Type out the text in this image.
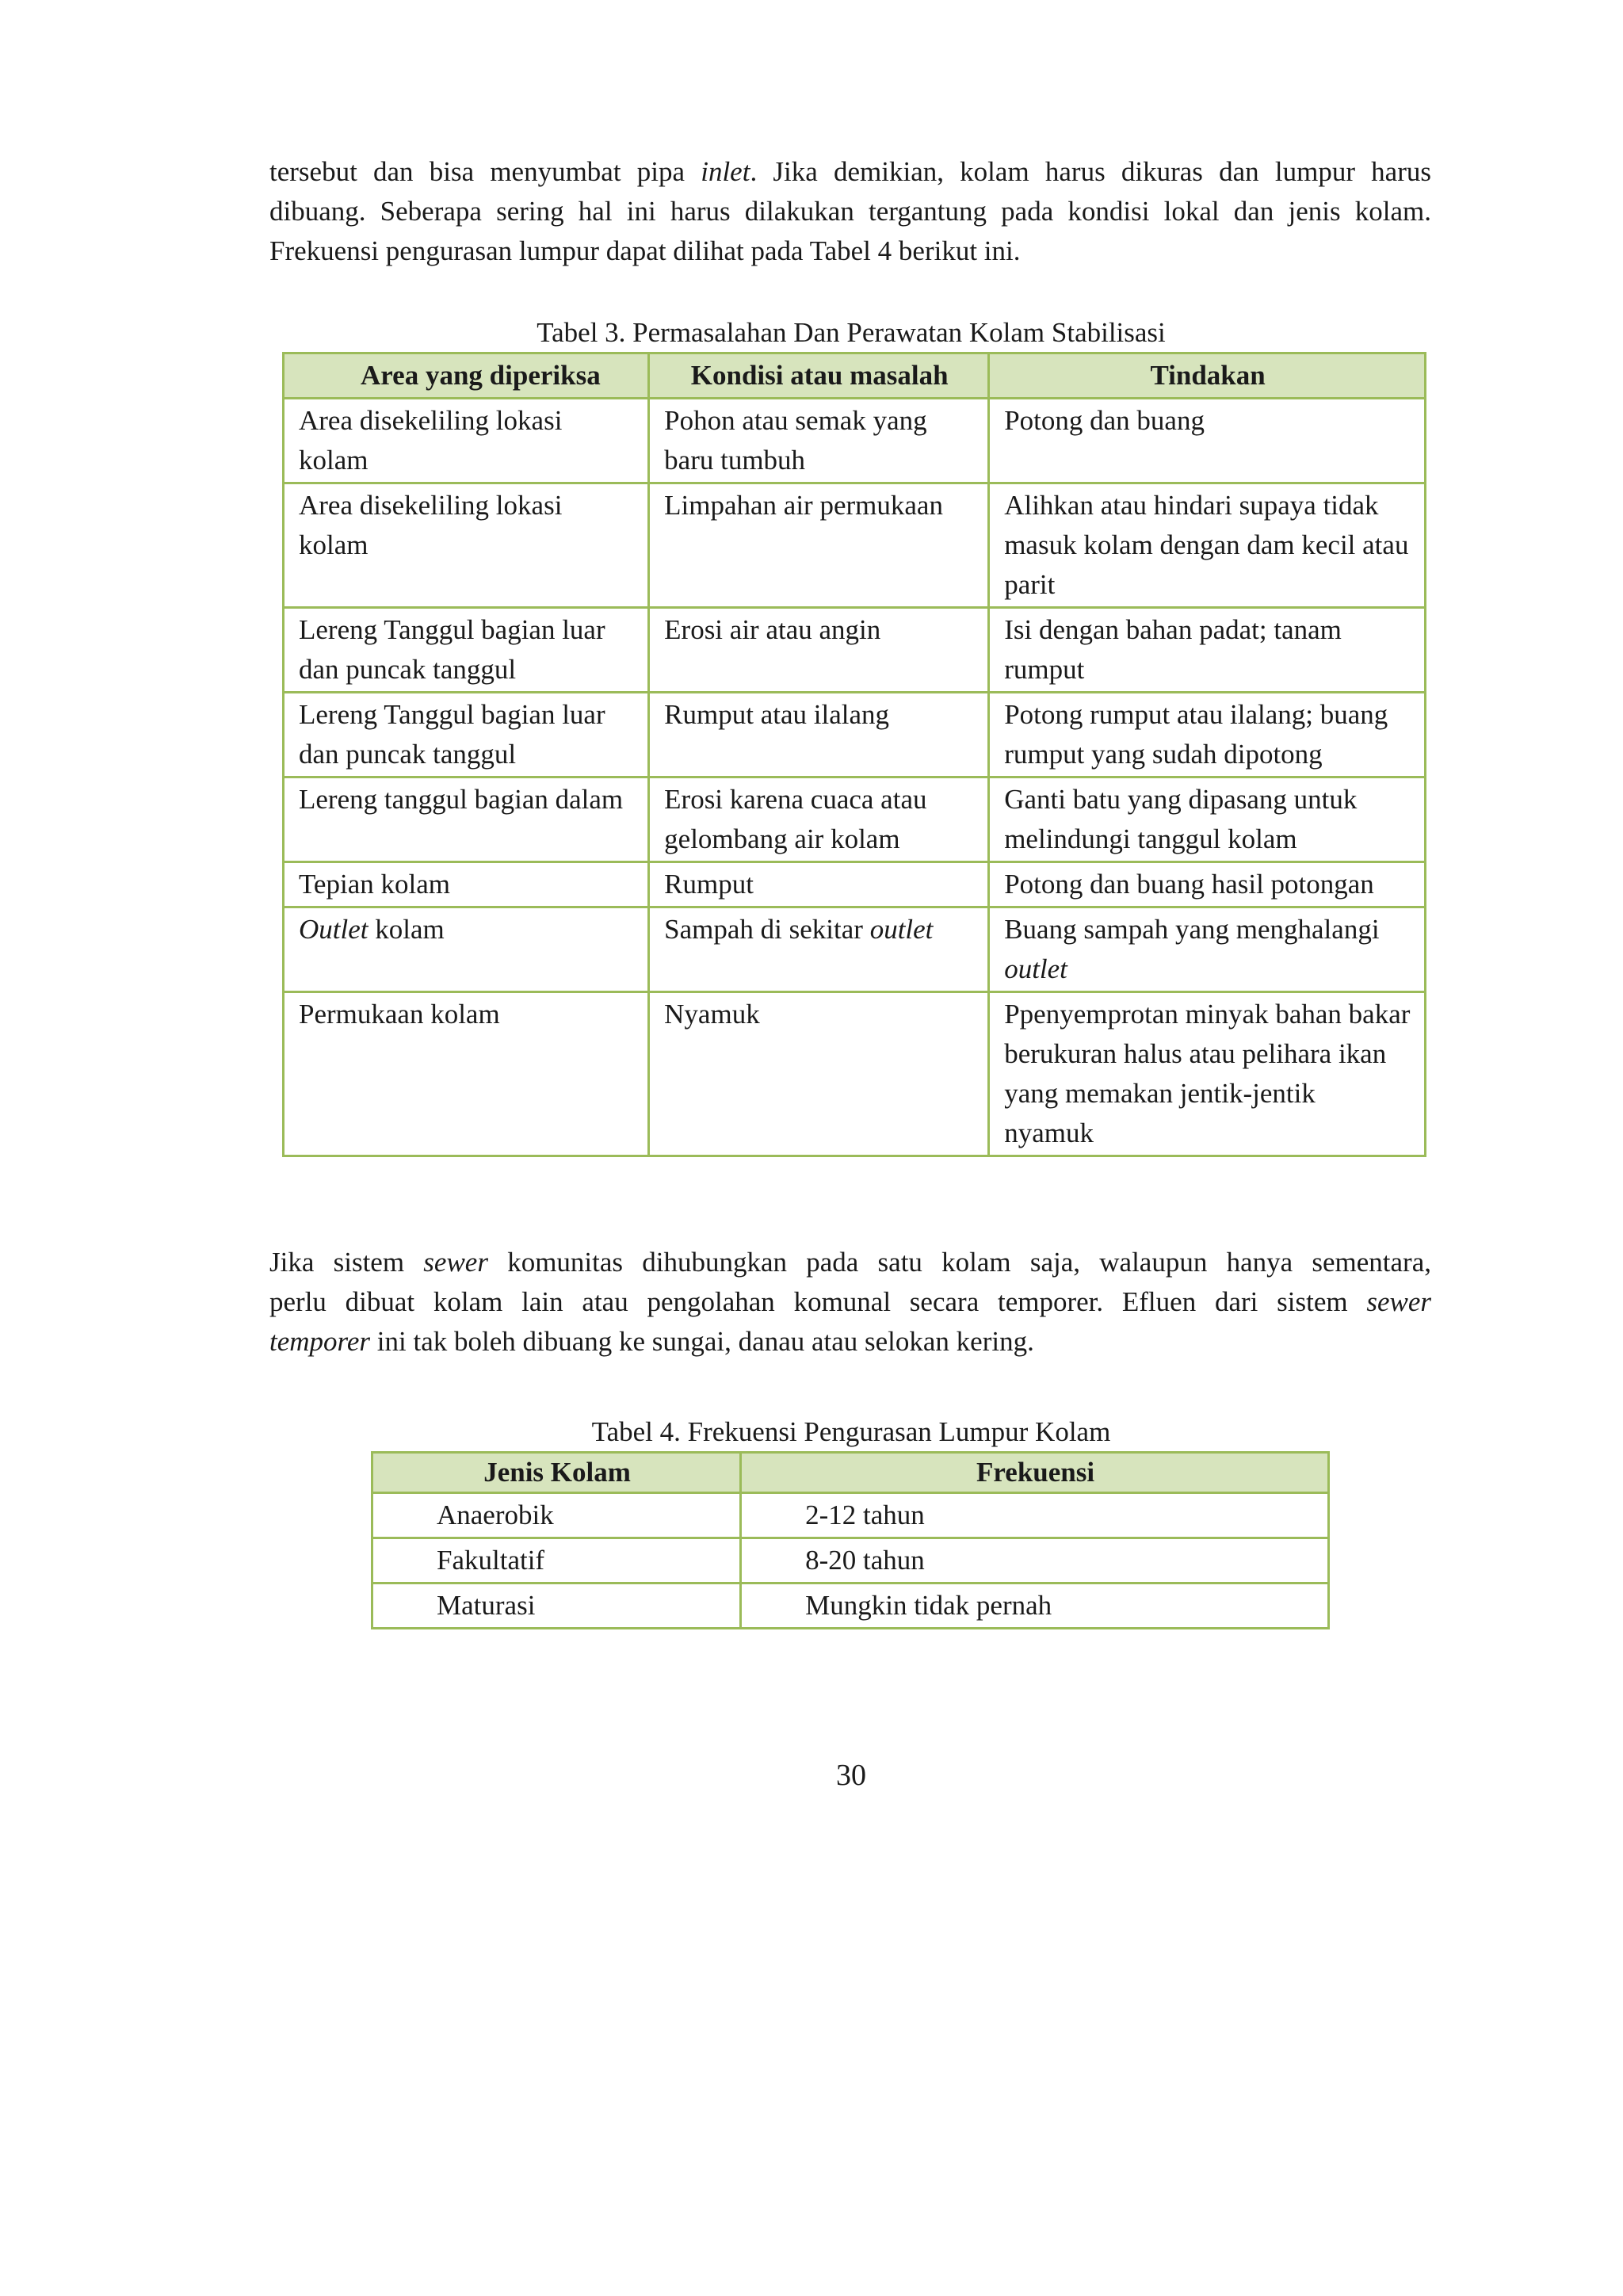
tersebut dan bisa menyumbat pipa inlet. Jika demikian, kolam harus dikuras dan lumpur harus
dibuang. Seberapa sering hal ini harus dilakukan tergantung pada kondisi lokal dan jenis kolam.
Frekuensi pengurasan lumpur dapat dilihat pada Tabel 4 berikut ini.

Tabel 3. Permasalahan Dan Perawatan Kolam Stabilisasi

Area yang diperiksa	Kondisi atau masalah	Tindakan
Area disekeliling lokasi kolam	Pohon atau semak yang baru tumbuh	Potong dan buang
Area disekeliling lokasi kolam	Limpahan air permukaan	Alihkan atau hindari supaya tidak masuk kolam dengan dam kecil atau parit
Lereng Tanggul bagian luar dan puncak tanggul	Erosi air atau angin	Isi dengan bahan padat; tanam rumput
Lereng Tanggul bagian luar dan puncak tanggul	Rumput atau ilalang	Potong rumput atau ilalang; buang rumput yang sudah dipotong
Lereng tanggul bagian dalam	Erosi karena cuaca atau gelombang air kolam	Ganti batu yang dipasang untuk melindungi tanggul kolam
Tepian kolam	Rumput	Potong dan buang hasil potongan
Outlet kolam	Sampah di sekitar outlet	Buang sampah yang menghalangi outlet
Permukaan kolam	Nyamuk	Ppenyemprotan minyak bahan bakar berukuran halus atau pelihara ikan yang memakan jentik-jentik nyamuk

Jika sistem sewer komunitas dihubungkan pada satu kolam saja, walaupun hanya sementara,
perlu dibuat kolam lain atau pengolahan komunal secara temporer. Efluen dari sistem sewer
temporer ini tak boleh dibuang ke sungai, danau atau selokan kering.

Tabel 4. Frekuensi Pengurasan Lumpur Kolam

Jenis Kolam	Frekuensi
Anaerobik	2-12 tahun
Fakultatif	8-20 tahun
Maturasi	Mungkin tidak pernah
30
